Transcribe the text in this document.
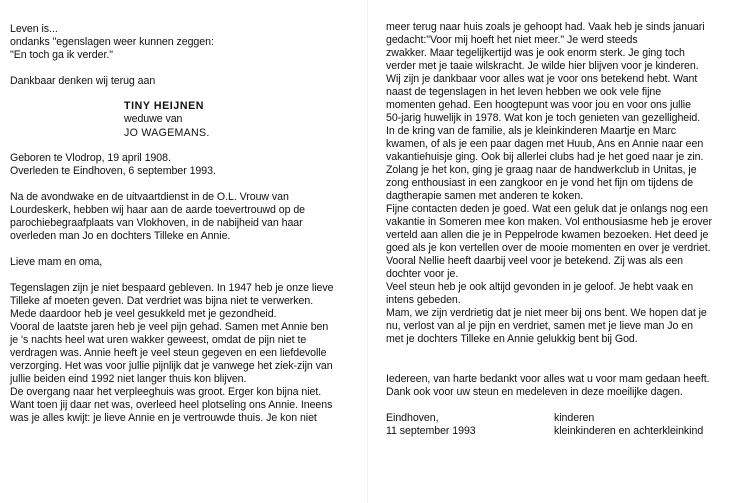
Leven is...
ondanks "egenslagen weer kunnen zeggen:
"En toch ga ik verder."
Dankbaar denken wij terug aan
TINY HEIJNEN
weduwe van
JO WAGEMANS.
Geboren te Vlodrop, 19 april 1908.
Overleden te Eindhoven, 6 september 1993.
Na de avondwake en de uitvaartdienst in de O.L. Vrouw van
Lourdeskerk, hebben wij haar aan de aarde toevertrouwd op de
parochiebegraafplaats van Vlokhoven, in de nabijheid van haar
overleden man Jo en dochters Tilleke en Annie.
Lieve mam en oma,
Tegenslagen zijn je niet bespaard gebleven. In 1947 heb je onze lieve
Tilleke af moeten geven. Dat verdriet was bijna niet te verwerken.
Mede daardoor heb je veel gesukkeld met je gezondheid.
Vooral de laatste jaren heb je veel pijn gehad. Samen met Annie ben
je 's nachts heel wat uren wakker geweest, omdat de pijn niet te
verdragen was. Annie heeft je veel steun gegeven en een liefdevolle
verzorging. Het was voor jullie pijnlijk dat je vanwege het ziek-zijn van
jullie beiden eind 1992 niet langer thuis kon blijven.
De overgang naar het verpleeghuis was groot. Erger kon bijna niet.
Want toen jij daar net was, overleed heel plotseling ons Annie. Ineens
was je alles kwijt: je lieve Annie en je vertrouwde thuis. Je kon niet
meer terug naar huis zoals je gehoopt had. Vaak heb je sinds januari
gedacht:"Voor mij hoeft het niet meer." Je werd steeds
zwakker. Maar tegelijkertijd was je ook enorm sterk. Je ging toch
verder met je taaie wilskracht. Je wilde hier blijven voor je kinderen.
Wij zijn je dankbaar voor alles wat je voor ons betekend hebt. Want
naast de tegenslagen in het leven hebben we ook vele fijne
momenten gehad. Een hoogtepunt was voor jou en voor ons jullie
50-jarig huwelijk in 1978. Wat kon je toch genieten van gezelligheid.
In de kring van de familie, als je kleinkinderen Maartje en Marc
kwamen, of als je een paar dagen met Huub, Ans en Annie naar een
vakantiehuisje ging. Ook bij allerlei clubs had je het goed naar je zin.
Zolang je het kon, ging je graag naar de handwerkclub in Unitas, je
zong enthousiast in een zangkoor en je vond het fijn om tijdens de
dagtherapie samen met anderen te koken.
Fijne contacten deden je goed. Wat een geluk dat je onlangs nog een
vakantie in Someren mee kon maken. Vol enthousiasme heb je erover
verteld aan allen die je in Peppelrode kwamen bezoeken. Het deed je
goed als je kon vertellen over de mooie momenten en over je verdriet.
Vooral Nellie heeft daarbij veel voor je betekend. Zij was als een
dochter voor je.
Veel steun heb je ook altijd gevonden in je geloof. Je hebt vaak en
intens gebeden.
Mam, we zijn verdrietig dat je niet meer bij ons bent. We hopen dat je
nu, verlost van al je pijn en verdriet, samen met je lieve man Jo en
met je dochters Tilleke en Annie gelukkig bent bij God.
Iedereen, van harte bedankt voor alles wat u voor mam gedaan heeft.
Dank ook voor uw steun en medeleven in deze moeilijke dagen.
Eindhoven,
11 september 1993
kinderen
kleinkinderen en achterkleinkind
